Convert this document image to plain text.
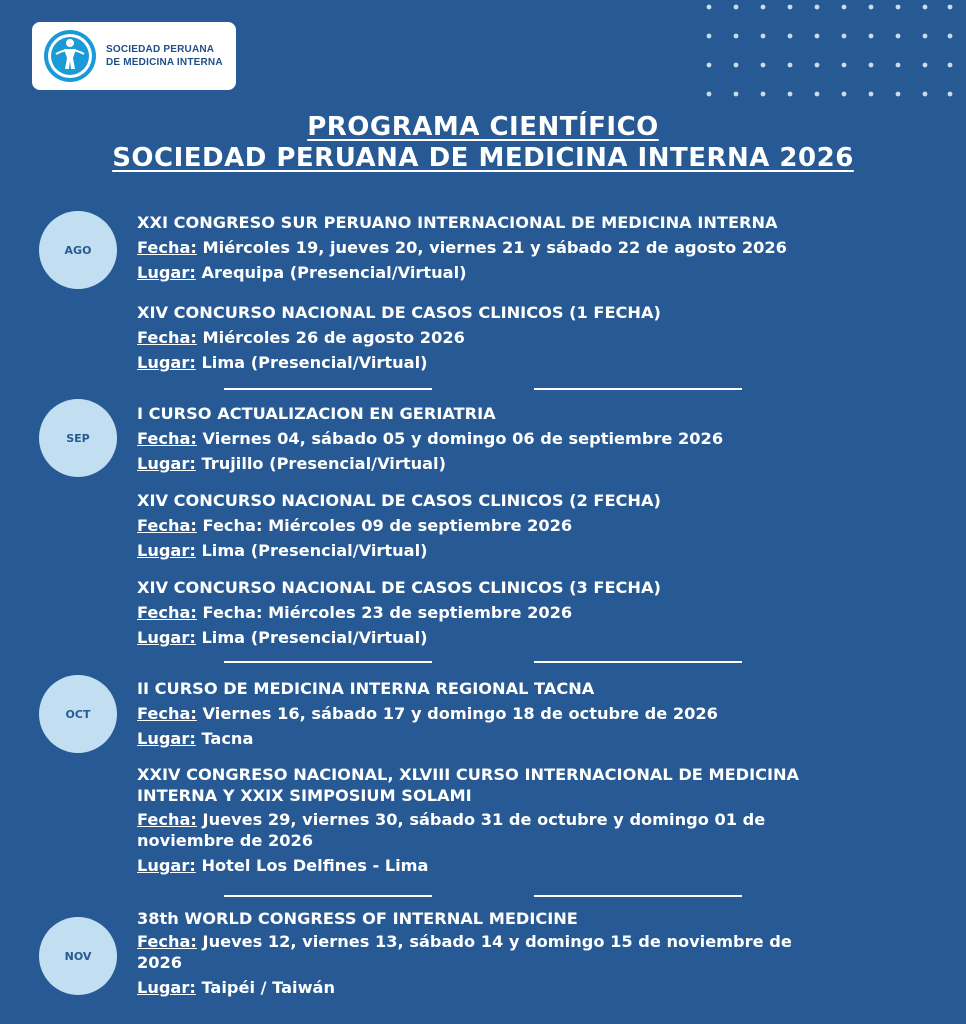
SOCIEDAD PERUANA
DE MEDICINA INTERNA
PROGRAMA CIENTÍFICO
SOCIEDAD PERUANA DE MEDICINA INTERNA 2026
AGO
SEP
OCT
NOV
XXI CONGRESO SUR PERUANO INTERNACIONAL DE MEDICINA INTERNA
Fecha: Miércoles 19, jueves 20, viernes 21 y sábado 22 de agosto 2026
Lugar: Arequipa (Presencial/Virtual)
XIV CONCURSO NACIONAL DE CASOS CLINICOS (1 FECHA)
Fecha: Miércoles 26 de agosto 2026
Lugar: Lima (Presencial/Virtual)
I CURSO ACTUALIZACION EN GERIATRIA
Fecha: Viernes 04, sábado 05 y domingo 06 de septiembre 2026
Lugar: Trujillo (Presencial/Virtual)
XIV CONCURSO NACIONAL DE CASOS CLINICOS (2 FECHA)
Fecha: Fecha: Miércoles 09 de septiembre 2026
Lugar: Lima (Presencial/Virtual)
XIV CONCURSO NACIONAL DE CASOS CLINICOS (3 FECHA)
Fecha: Fecha: Miércoles 23 de septiembre 2026
Lugar: Lima (Presencial/Virtual)
II CURSO DE MEDICINA INTERNA REGIONAL TACNA
Fecha: Viernes 16, sábado 17 y domingo 18 de octubre de 2026
Lugar: Tacna
XXIV CONGRESO NACIONAL, XLVIII CURSO INTERNACIONAL DE MEDICINA INTERNA Y XXIX SIMPOSIUM SOLAMI
Fecha: Jueves 29, viernes 30, sábado 31 de octubre y domingo 01 de noviembre de 2026
Lugar: Hotel Los Delfines - Lima
38th WORLD CONGRESS OF INTERNAL MEDICINE
Fecha: Jueves 12, viernes 13, sábado 14 y domingo 15 de noviembre de 2026
Lugar: Taipéi / Taiwán
